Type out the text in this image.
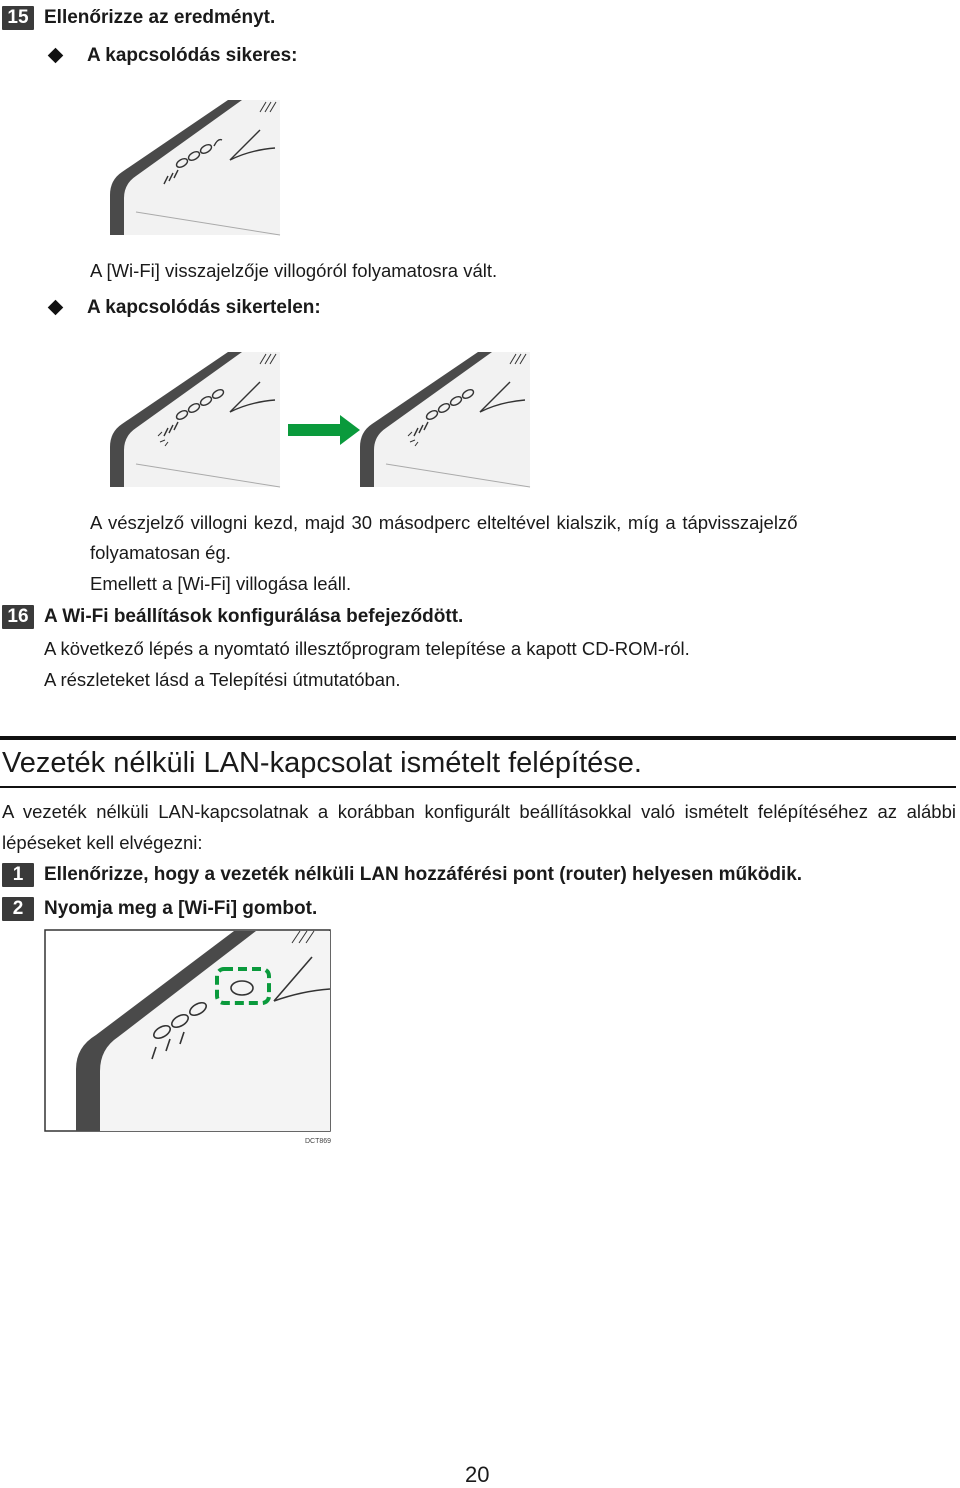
15 Ellenőrizze az eredményt.
A kapcsolódás sikeres:
A [Wi-Fi] visszajelzője villogóról folyamatosra vált.
A kapcsolódás sikertelen:
A vészjelző villogni kezd, majd 30 másodperc elteltével kialszik, míg a tápvisszajelző
folyamatosan ég.
Emellett a [Wi-Fi] villogása leáll.
16 A Wi-Fi beállítások konfigurálása befejeződött.
A következő lépés a nyomtató illesztőprogram telepítése a kapott CD-ROM-ról.
A részleteket lásd a Telepítési útmutatóban.
Vezeték nélküli LAN-kapcsolat ismételt felépítése.
A vezeték nélküli LAN-kapcsolatnak a korábban konfigurált beállításokkal való ismételt felépítéséhez az alábbi lépéseket kell elvégezni:
1	Ellenőrizze, hogy a vezeték nélküli LAN hozzáférési pont (router) helyesen működik.
2	Nyomja meg a [Wi-Fi] gombot.
DCT869
20
